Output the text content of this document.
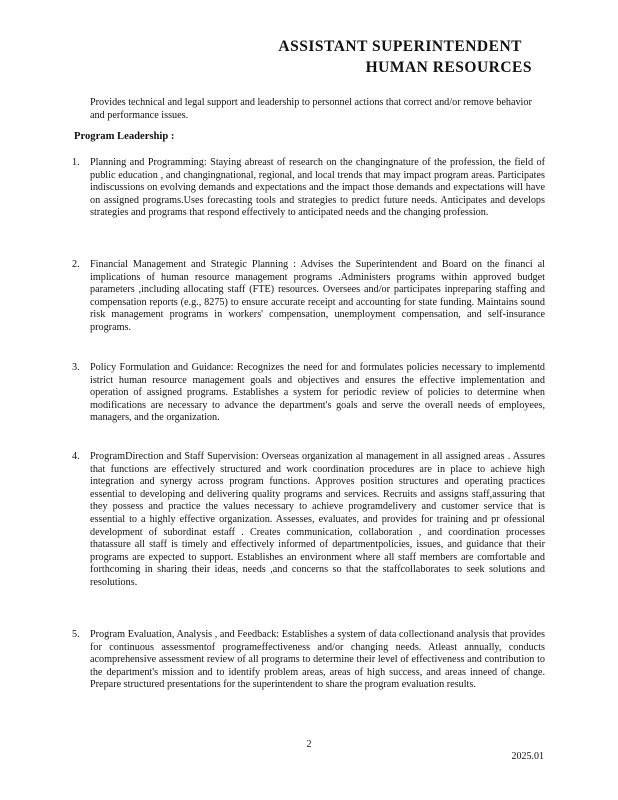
ASSISTANT SUPERINTENDENT
HUMAN RESOURCES
Provides technical and legal support and leadership to personnel actions that correct and/or remove behavior and performance issues.
Program Leadership :
1.	Planning and Programming: Staying abreast of research on the changingnature of the profession, the field of public education , and changingnational, regional, and local trends that may impact program areas. Participates indiscussions on evolving demands and expectations and the impact those demands and expectations will have on assigned programs.Uses forecasting tools and strategies to predict future needs. Anticipates and develops strategies and programs that respond effectively to anticipated needs and the changing profession.
2.	Financial Management and Strategic Planning : Advises the Superintendent and Board on the financi al implications of human resource management programs .Administers programs within approved budget parameters ,including allocating staff (FTE) resources. Oversees and/or participates inpreparing staffing and compensation reports (e.g., 8275) to ensure accurate receipt and accounting for state funding. Maintains sound risk management programs in workers' compensation, unemployment compensation, and self-insurance programs.
3.	Policy Formulation and Guidance: Recognizes the need for and formulates policies necessary to implementd istrict human resource management goals and objectives and ensures the effective implementation and operation of assigned programs. Establishes a system for periodic review of policies to determine when modifications are necessary to advance the department's goals and serve the overall needs of employees, managers, and the organization.
4.	ProgramDirection and Staff Supervision: Overseas organization al management in all assigned areas . Assures that functions are effectively structured and work coordination procedures are in place to achieve high integration and synergy across program functions. Approves position structures and operating practices essential to developing and delivering quality programs and services. Recruits and assigns staff,assuring that they possess and practice the values necessary to achieve programdelivery and customer service that is essential to a highly effective organization. Assesses, evaluates, and provides for training and pr ofessional development of subordinat estaff . Creates communication, collaboration , and coordination processes thatassure all staff is timely and effectively informed of departmentpolicies, issues, and guidance that their programs are expected to support. Establishes an environment where all staff members are comfortable and forthcoming in sharing their ideas, needs ,and concerns so that the staffcollaborates to seek solutions and resolutions.
5.	Program Evaluation, Analysis , and Feedback: Establishes a system of data collectionand analysis that provides for continuous assessmentof programeffectiveness and/or changing needs. Atleast annually, conducts acomprehensive assessment review of all programs to determine their level of effectiveness and contribution to the department's mission and to identify problem areas, areas of high success, and areas inneed of change. Prepare structured presentations for the superintendent to share the program evaluation results.
2
2025.01
